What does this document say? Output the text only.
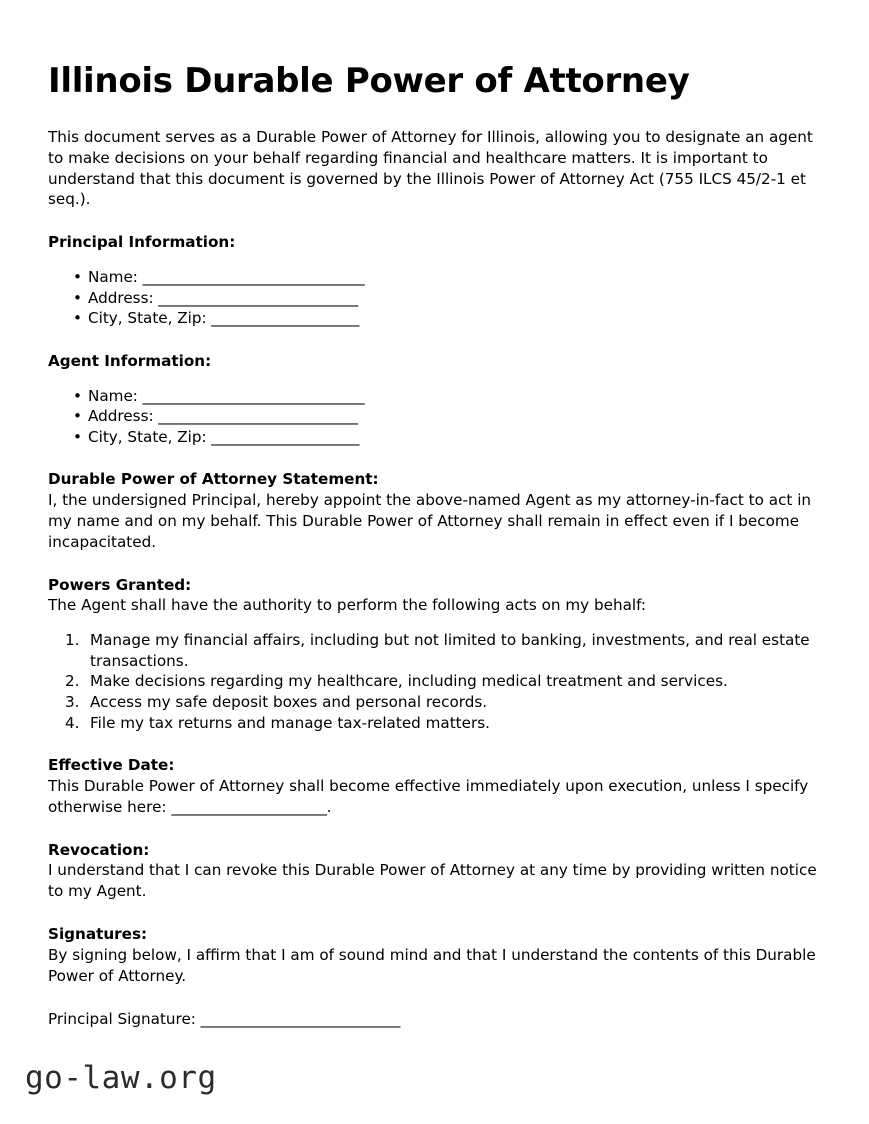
Illinois Durable Power of Attorney

This document serves as a Durable Power of Attorney for Illinois, allowing you to designate an agent to make decisions on your behalf regarding financial and healthcare matters. It is important to understand that this document is governed by the Illinois Power of Attorney Act (755 ILCS 45/2-1 et seq.).

Principal Information:
• Name: ______________________________
• Address: ___________________________
• City, State, Zip: ____________________
Agent Information:
• Name: ______________________________
• Address: ___________________________
• City, State, Zip: ____________________
Durable Power of Attorney Statement:

I, the undersigned Principal, hereby appoint the above-named Agent as my attorney-in-fact to act in my name and on my behalf. This Durable Power of Attorney shall remain in effect even if I become incapacitated.

Powers Granted:

The Agent shall have the authority to perform the following acts on my behalf:

Manage my financial affairs, including but not limited to banking, investments, and real estate transactions.
Make decisions regarding my healthcare, including medical treatment and services.
Access my safe deposit boxes and personal records.
File my tax returns and manage tax-related matters.
Effective Date:

This Durable Power of Attorney shall become effective immediately upon execution, unless I specify otherwise here: _____________________.

Revocation:

I understand that I can revoke this Durable Power of Attorney at any time by providing written notice to my Agent.

Signatures:

By signing below, I affirm that I am of sound mind and that I understand the contents of this Durable Power of Attorney.

Principal Signature: ___________________________
go-law.org
